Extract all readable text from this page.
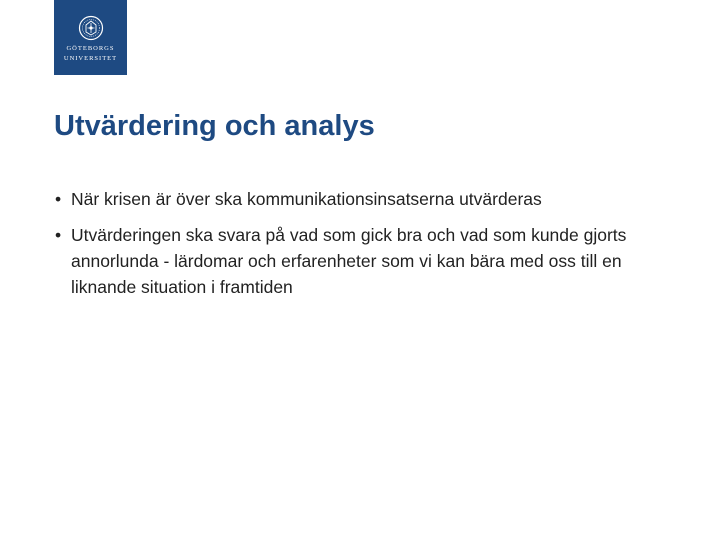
GÖTEBORGS
UNIVERSITET
Utvärdering och analys
• När krisen är över ska kommunikationsinsatserna utvärderas
• Utvärderingen ska svara på vad som gick bra och vad som kunde gjorts annorlunda - lärdomar och erfarenheter som vi kan bära med oss till en liknande situation i framtiden
